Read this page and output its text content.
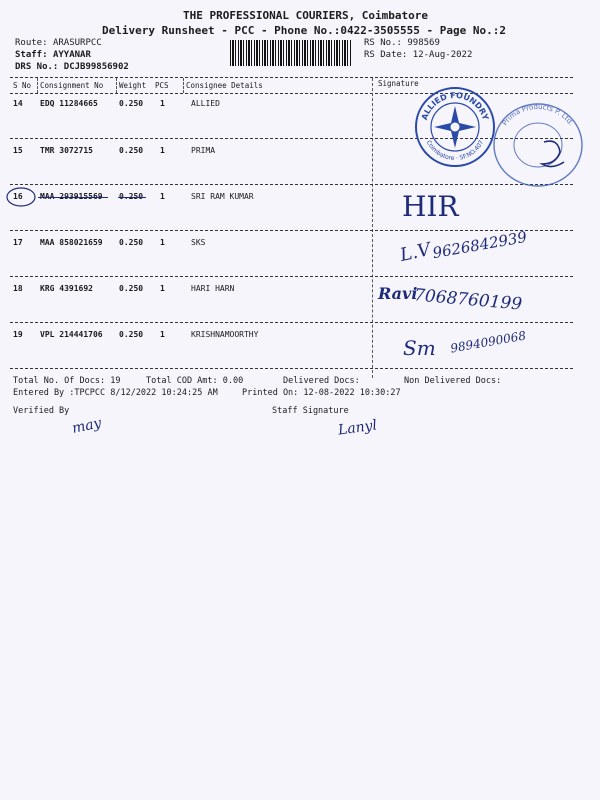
THE PROFESSIONAL COURIERS, Coimbatore
Delivery Runsheet - PCC - Phone No.:0422-3505555 - Page No.:2
Route: ARASURPCC
Staff: AYYANAR
DRS No.: DCJB99856902
RS No.: 998569
RS Date: 12-Aug-2022
S No Consignment No Weight PCS Consignee Details	Signature
14 EDQ 11284665	0.250 1	ALLIED
15 TMR 3072715	0.250 1	PRIMA
16 MAA 293915569 0.250 1	SRI RAM KUMAR
17 MAA 858021659 0.250 1	SKS
18 KRG 4391692	0.250 1	HARI HARN
19 VPL 214441706 0.250 1	KRISHNAMOORTHY
ALLIED FOUNDRY
Coimbatore · SF.NO.407
Prima Products P. Ltd.
HIR
L.V
9626842939
Ravi
7068760199
Sm 9894090068
Total No. Of Docs: 19	Total COD Amt: 0.00	Delivered Docs:	Non Delivered Docs:
Entered By :TPCPCC 8/12/2022 10:24:25 AM	Printed On: 12-08-2022 10:30:27
Verified By	Staff Signature
may	Lanyl
